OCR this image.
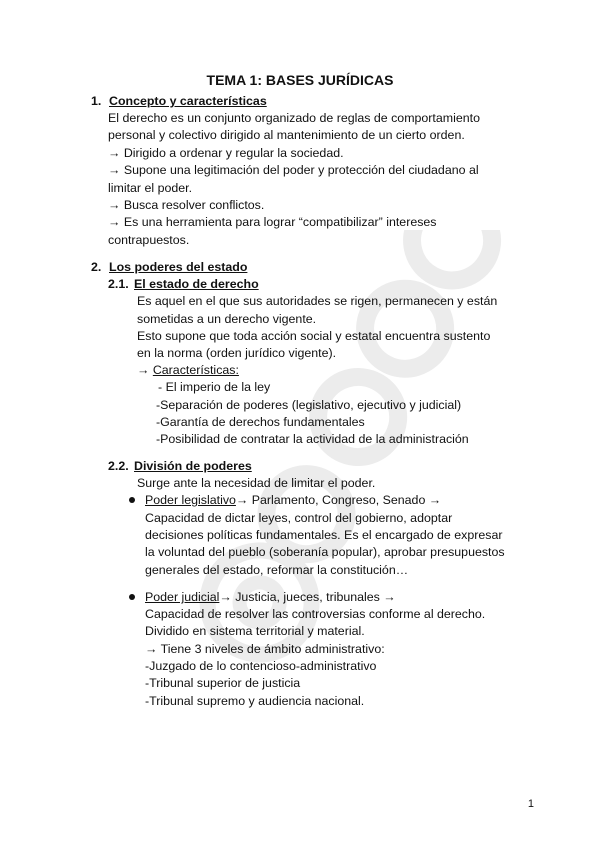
TEMA 1: BASES JURÍDICAS
1. Concepto y características
El derecho es un conjunto organizado de reglas de comportamiento
personal y colectivo dirigido al mantenimiento de un cierto orden.
→ Dirigido a ordenar y regular la sociedad.
→ Supone una legitimación del poder y protección del ciudadano al
limitar el poder.
→ Busca resolver conflictos.
→ Es una herramienta para lograr “compatibilizar” intereses
contrapuestos.
2. Los poderes del estado
2.1. El estado de derecho
Es aquel en el que sus autoridades se rigen, permanecen y están
sometidas a un derecho vigente.
Esto supone que toda acción social y estatal encuentra sustento
en la norma (orden jurídico vigente).
→ Características:
- El imperio de la ley
-Separación de poderes (legislativo, ejecutivo y judicial)
-Garantía de derechos fundamentales
-Posibilidad de contratar la actividad de la administración
2.2. División de poderes
Surge ante la necesidad de limitar el poder.
Poder legislativo→ Parlamento, Congreso, Senado →
Capacidad de dictar leyes, control del gobierno, adoptar
decisiones políticas fundamentales. Es el encargado de expresar
la voluntad del pueblo (soberanía popular), aprobar presupuestos
generales del estado, reformar la constitución…
Poder judicial→ Justicia, jueces, tribunales →
Capacidad de resolver las controversias conforme al derecho.
Dividido en sistema territorial y material.
→ Tiene 3 niveles de ámbito administrativo:
-Juzgado de lo contencioso-administrativo
-Tribunal superior de justicia
-Tribunal supremo y audiencia nacional.
1
